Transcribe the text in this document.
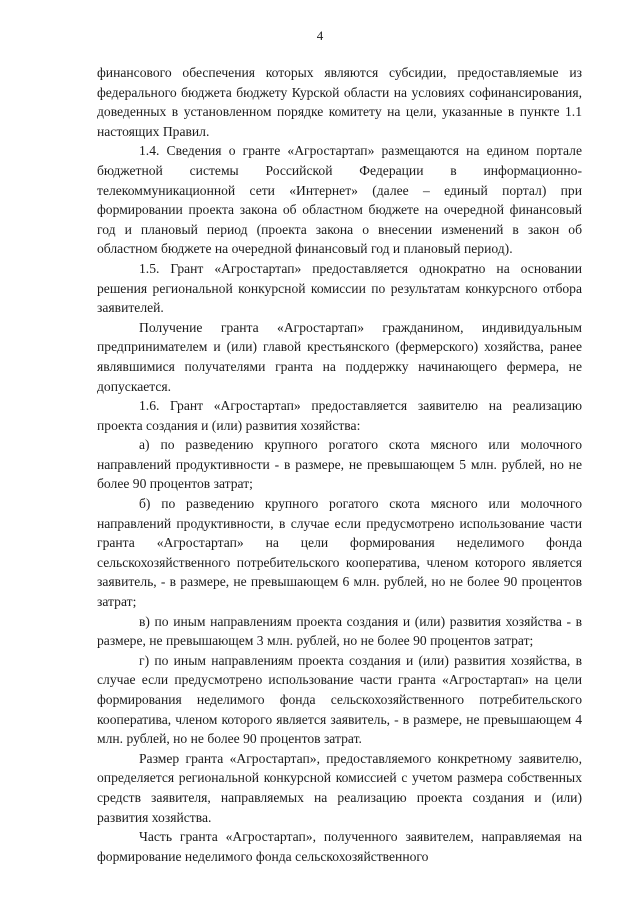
4

финансового обеспечения которых являются субсидии, предоставляемые из федерального бюджета бюджету Курской области на условиях софинансирования, доведенных в установленном порядке комитету на цели, указанные в пункте 1.1 настоящих Правил.

1.4. Сведения о гранте «Агростартап» размещаются на едином портале бюджетной системы Российской Федерации в информационно-телекоммуникационной сети «Интернет» (далее – единый портал) при формировании проекта закона об областном бюджете на очередной финансовый год и плановый период (проекта закона о внесении изменений в закон об областном бюджете на очередной финансовый год и плановый период).

1.5. Грант «Агростартап» предоставляется однократно на основании решения региональной конкурсной комиссии по результатам конкурсного отбора заявителей.

Получение гранта «Агростартап» гражданином, индивидуальным предпринимателем и (или) главой крестьянского (фермерского) хозяйства, ранее являвшимися получателями гранта на поддержку начинающего фермера, не допускается.

1.6. Грант «Агростартап» предоставляется заявителю на реализацию проекта создания и (или) развития хозяйства:

а) по разведению крупного рогатого скота мясного или молочного направлений продуктивности - в размере, не превышающем 5 млн. рублей, но не более 90 процентов затрат;

б) по разведению крупного рогатого скота мясного или молочного направлений продуктивности, в случае если предусмотрено использование части гранта «Агростартап» на цели формирования неделимого фонда сельскохозяйственного потребительского кооператива, членом которого является заявитель, - в размере, не превышающем 6 млн. рублей, но не более 90 процентов затрат;

в) по иным направлениям проекта создания и (или) развития хозяйства - в размере, не превышающем 3 млн. рублей, но не более 90 процентов затрат;

г) по иным направлениям проекта создания и (или) развития хозяйства, в случае если предусмотрено использование части гранта «Агростартап» на цели формирования неделимого фонда сельскохозяйственного потребительского кооператива, членом которого является заявитель, - в размере, не превышающем 4 млн. рублей, но не более 90 процентов затрат.

Размер гранта «Агростартап», предоставляемого конкретному заявителю, определяется региональной конкурсной комиссией с учетом размера собственных средств заявителя, направляемых на реализацию проекта создания и (или) развития хозяйства.

Часть гранта «Агростартап», полученного заявителем, направляемая на формирование неделимого фонда сельскохозяйственного
